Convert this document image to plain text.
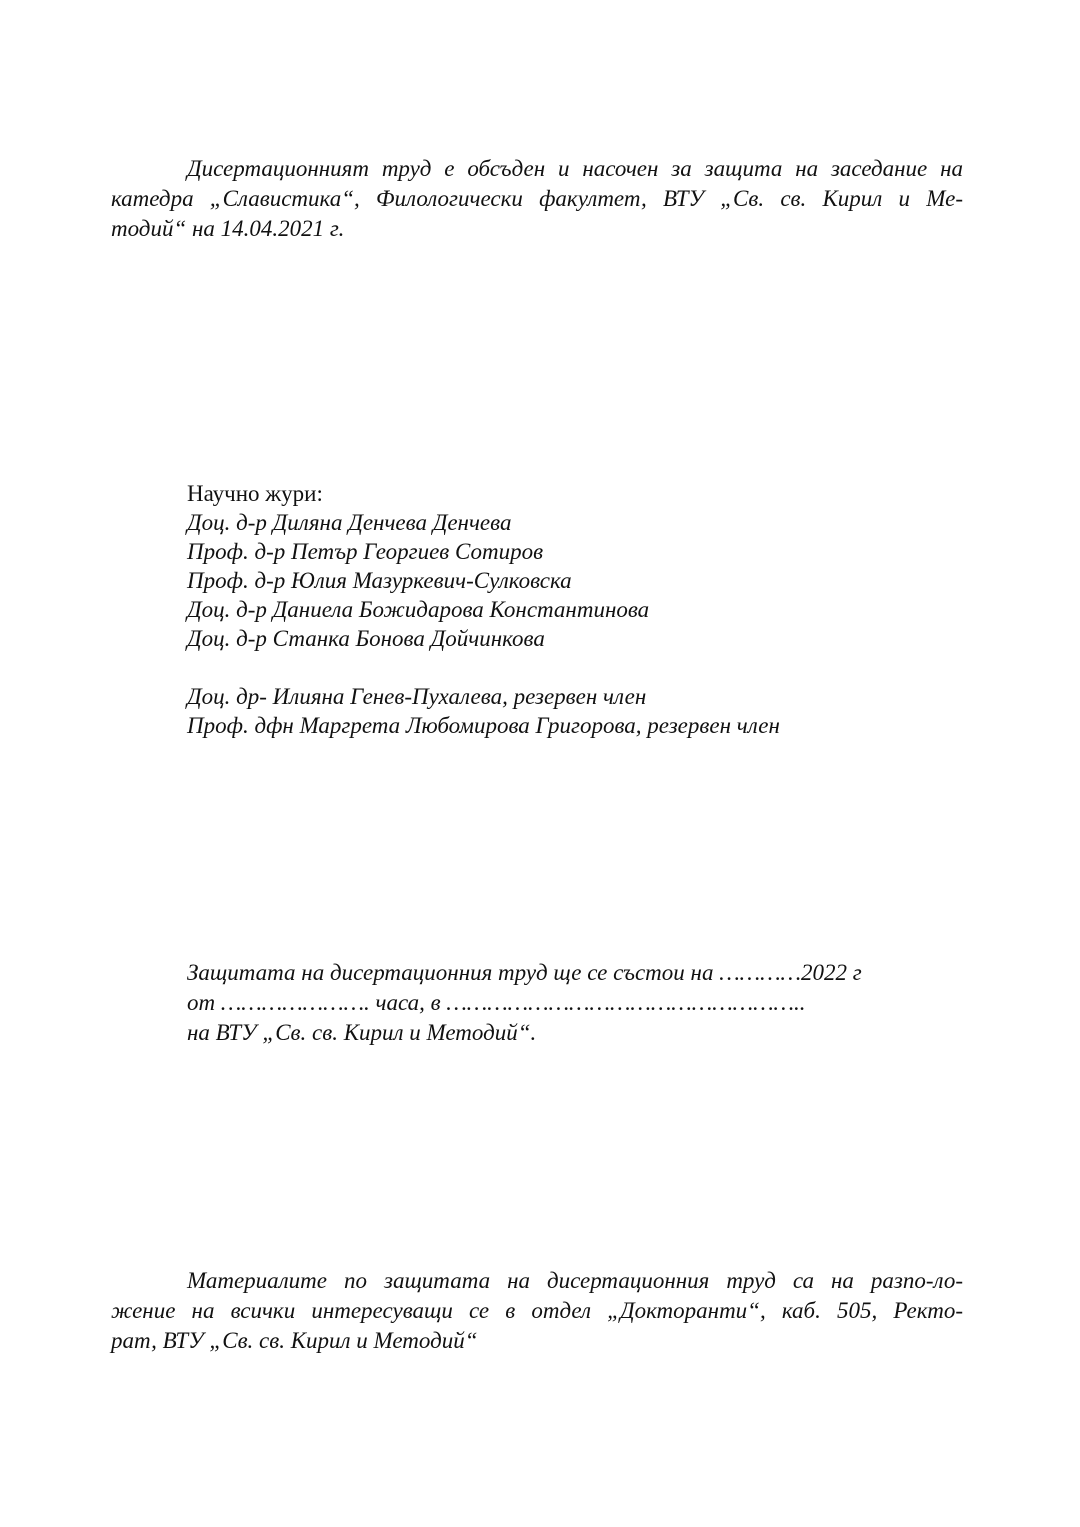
Дисертационният труд е обсъден и насочен за защита на заседание на

катедра „Славистика“, Филологически факултет, ВТУ „Св. св. Кирил и Ме-

тодий“ на 14.04.2021 г.

Научно жури:

Доц. д-р Диляна Денчева Денчева

Проф. д-р Петър Георгиев Сотиров

Проф. д-р Юлия Мазуркевич-Сулковска

Доц. д-р Даниела Божидарова Константинова

Доц. д-р Станка Бонова Дойчинкова

Доц. др- Илияна Генев-Пухалева, резервен член

Проф. дфн Маргрета Любомирова Григорова, резервен член

Защитата на дисертационния труд ще се състои на …………2022 г

от …………………. часа, в ……………………………………………..

на ВТУ „Св. св. Кирил и Методий“.

Материалите по защитата на дисертационния труд са на разпо-ло-

жение на всички интересуващи се в отдел „Докторанти“, каб. 505, Ректо-

рат, ВТУ „Св. св. Кирил и Методий“
